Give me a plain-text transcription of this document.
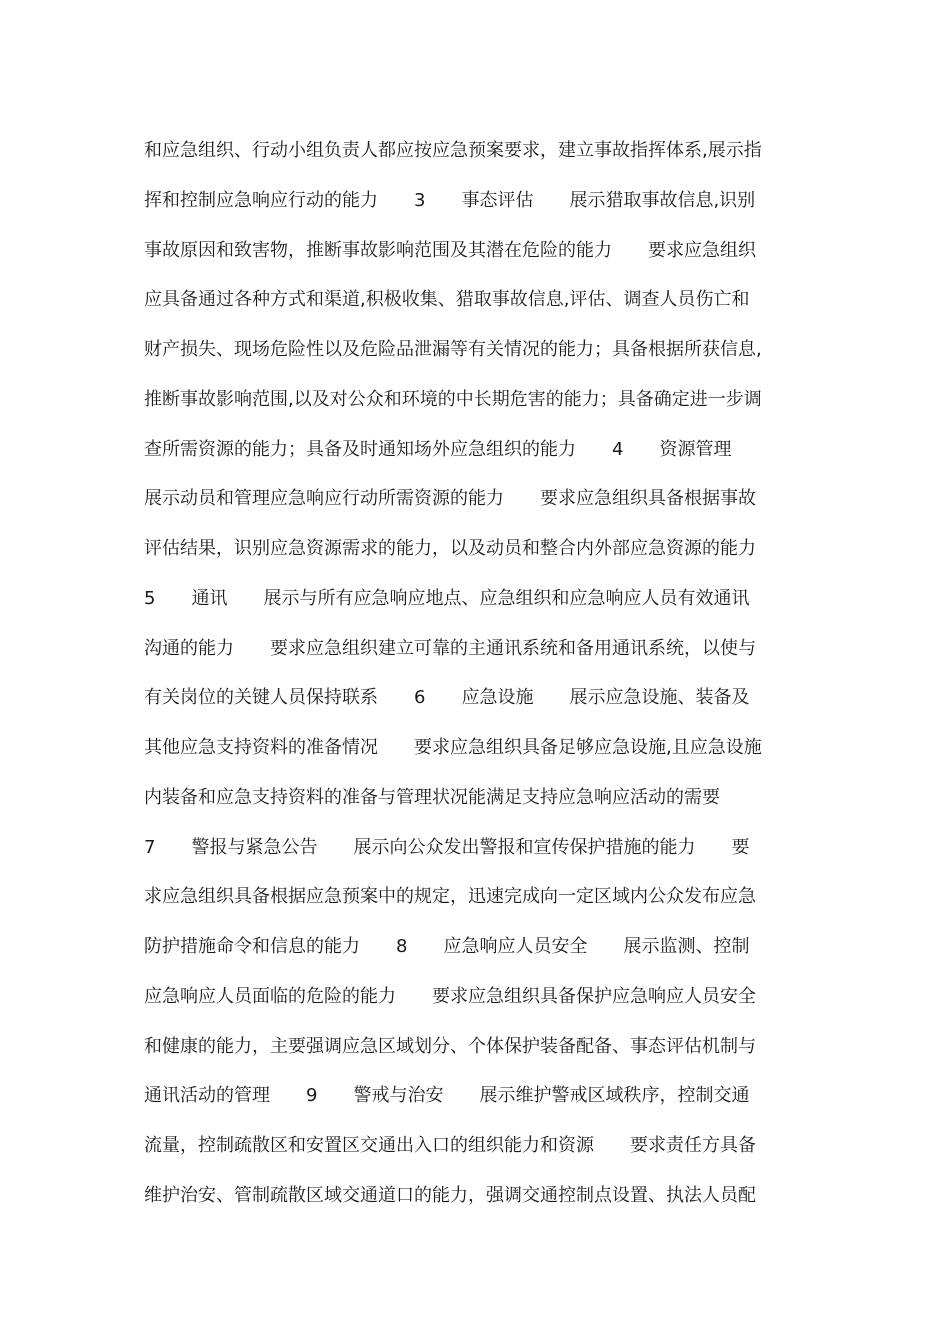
和应急组织、行动小组负责人都应按应急预案要求，建立事故指挥体系,展示指
挥和控制应急响应行动的能力　　3　　事态评估　　展示猎取事故信息,识别
事故原因和致害物，推断事故影响范围及其潜在危险的能力　　要求应急组织
应具备通过各种方式和渠道,积极收集、猎取事故信息,评估、调查人员伤亡和
财产损失、现场危险性以及危险品泄漏等有关情况的能力；具备根据所获信息,
推断事故影响范围,以及对公众和环境的中长期危害的能力；具备确定进一步调
查所需资源的能力；具备及时通知场外应急组织的能力　　4　　资源管理
展示动员和管理应急响应行动所需资源的能力　　要求应急组织具备根据事故
评估结果，识别应急资源需求的能力，以及动员和整合内外部应急资源的能力
5　　通讯　　展示与所有应急响应地点、应急组织和应急响应人员有效通讯
沟通的能力　　要求应急组织建立可靠的主通讯系统和备用通讯系统，以使与
有关岗位的关键人员保持联系　　6　　应急设施　　展示应急设施、装备及
其他应急支持资料的准备情况　　要求应急组织具备足够应急设施,且应急设施
内装备和应急支持资料的准备与管理状况能满足支持应急响应活动的需要
7　　警报与紧急公告　　展示向公众发出警报和宣传保护措施的能力　　要
求应急组织具备根据应急预案中的规定，迅速完成向一定区域内公众发布应急
防护措施命令和信息的能力　　8　　应急响应人员安全　　展示监测、控制
应急响应人员面临的危险的能力　　要求应急组织具备保护应急响应人员安全
和健康的能力，主要强调应急区域划分、个体保护装备配备、事态评估机制与
通讯活动的管理　　9　　警戒与治安　　展示维护警戒区域秩序，控制交通
流量，控制疏散区和安置区交通出入口的组织能力和资源　　要求责任方具备
维护治安、管制疏散区域交通道口的能力，强调交通控制点设置、执法人员配
